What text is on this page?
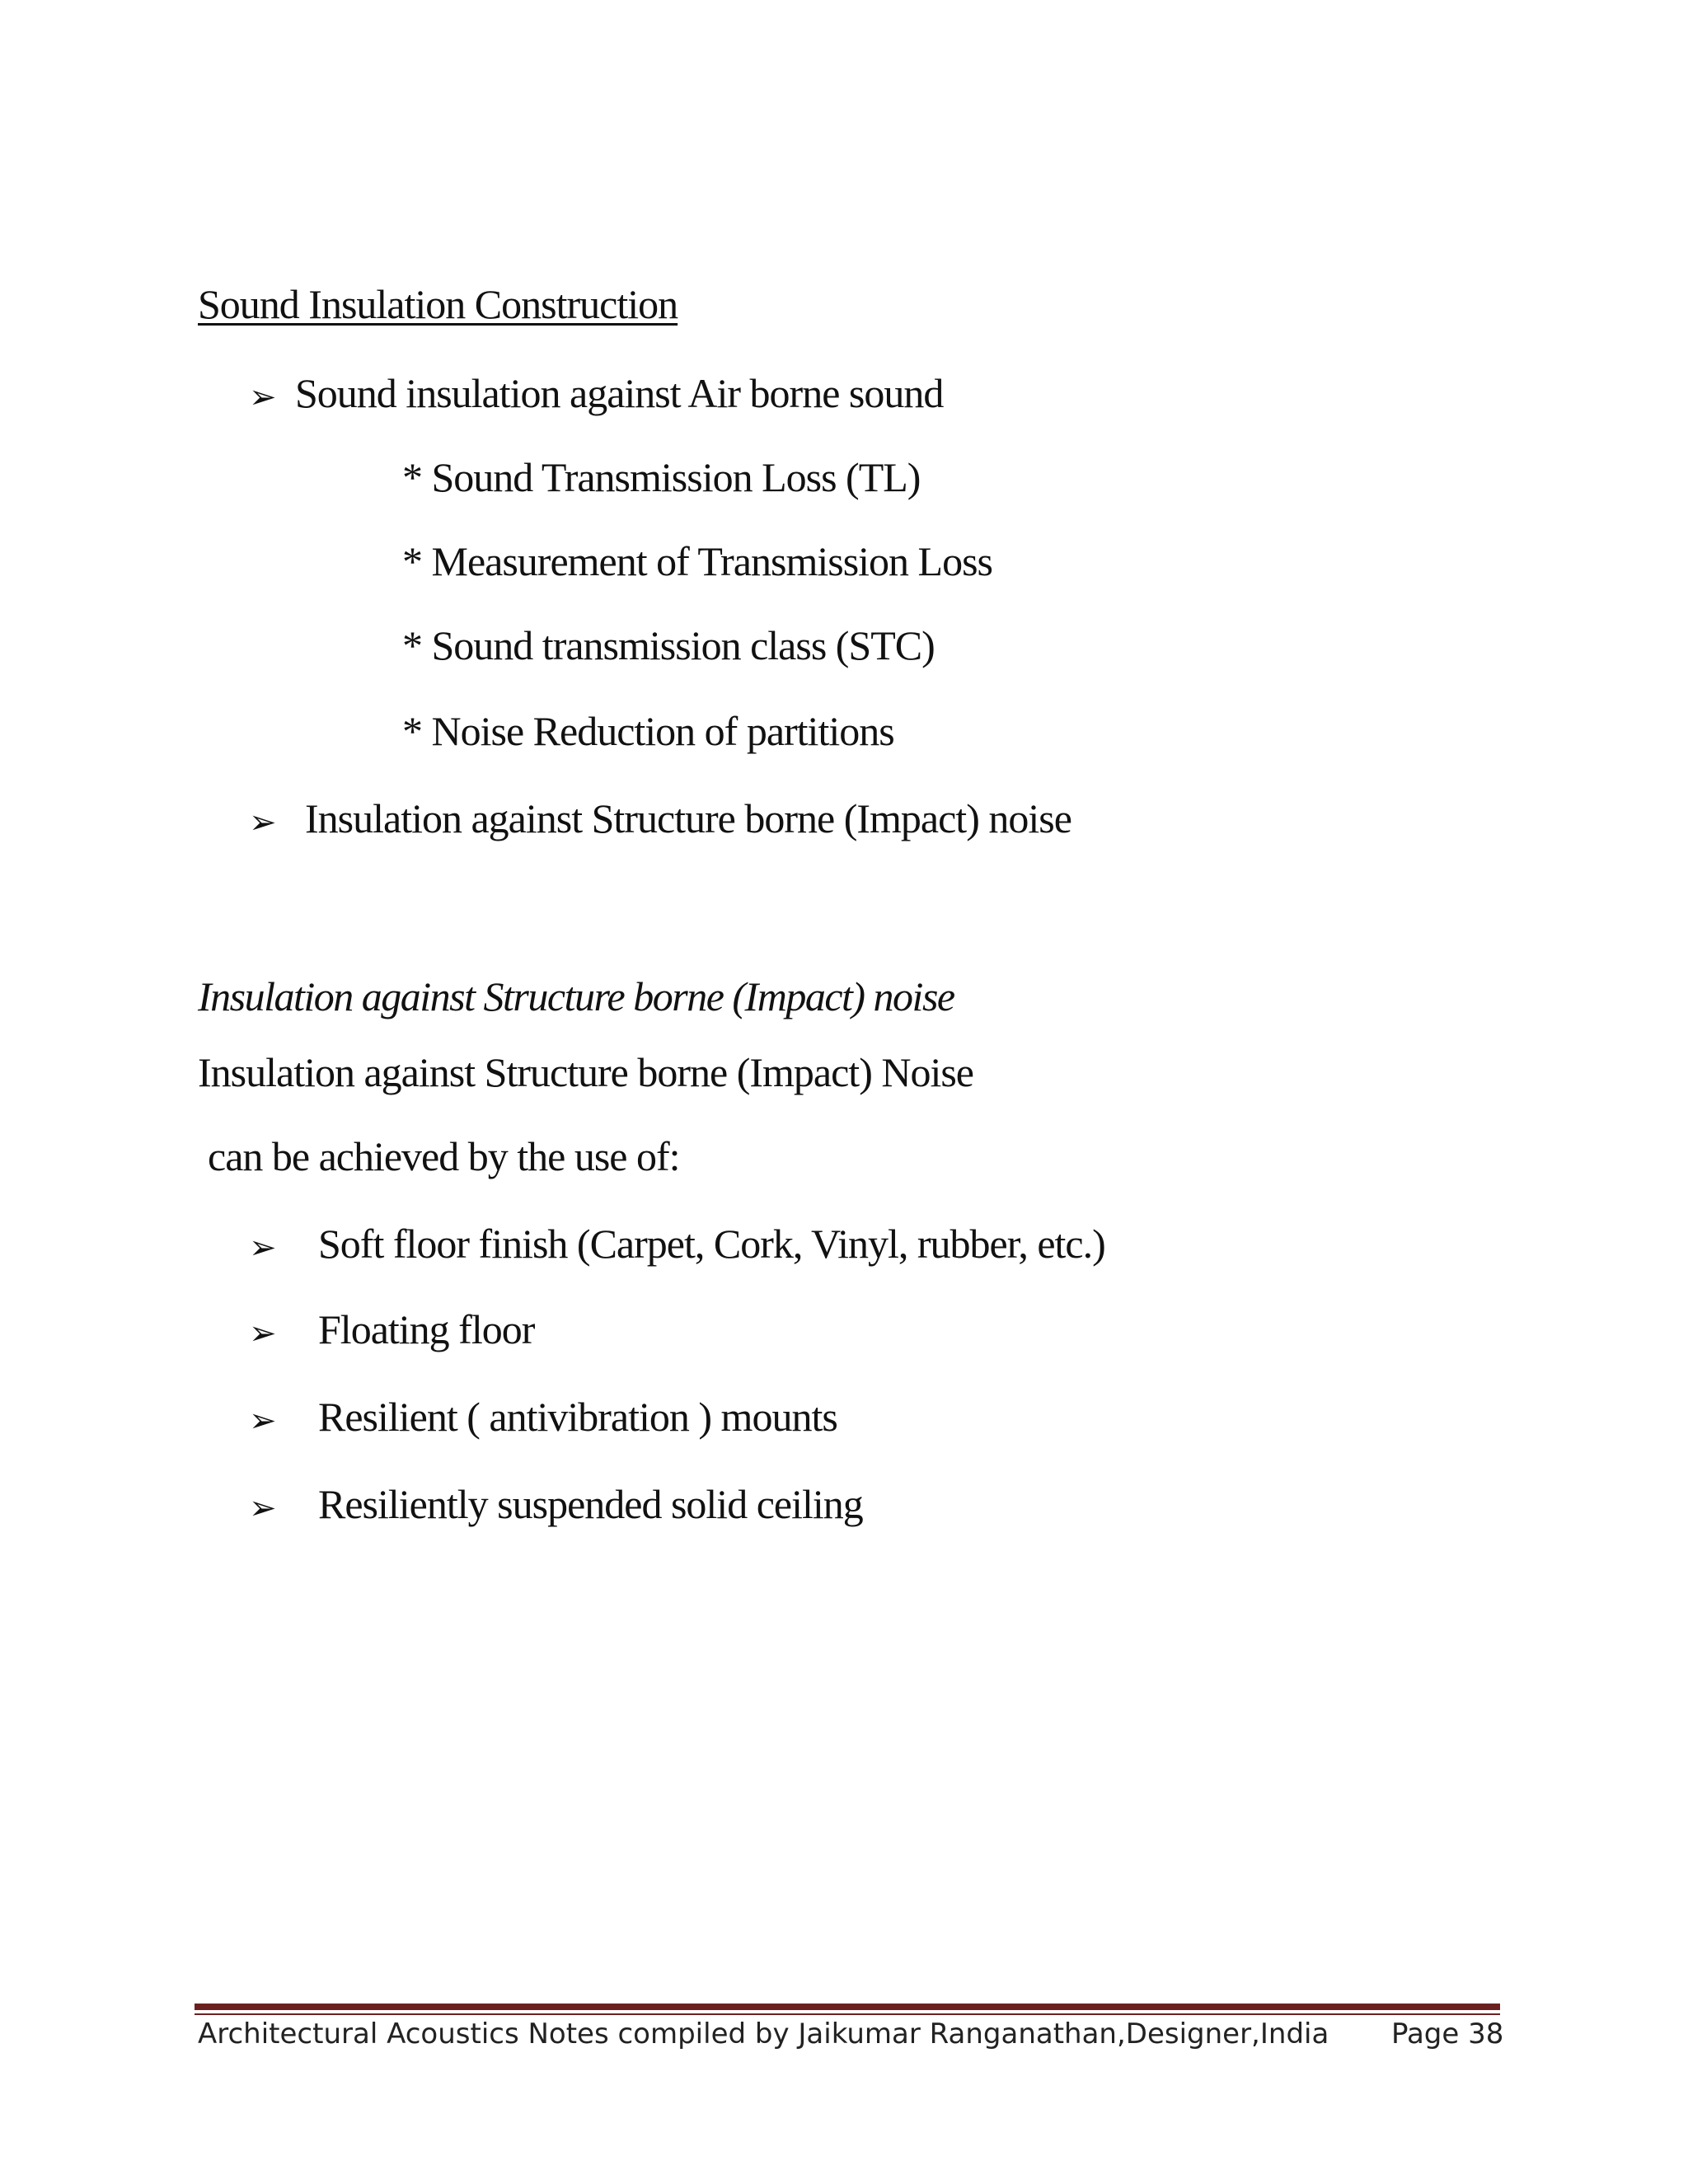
Sound Insulation Construction
➢ Sound insulation against Air borne sound
* Sound Transmission Loss (TL)
* Measurement of Transmission Loss
* Sound transmission class (STC)
* Noise Reduction of partitions
➢ Insulation against Structure borne (Impact) noise
Insulation against Structure borne (Impact) noise
Insulation against Structure borne (Impact) Noise
can be achieved by the use of:
➢ Soft floor finish (Carpet, Cork, Vinyl, rubber, etc.)
➢ Floating floor
➢ Resilient ( antivibration ) mounts
➢ Resiliently suspended solid ceiling
Architectural Acoustics Notes compiled by Jaikumar Ranganathan,Designer,India Page 38
